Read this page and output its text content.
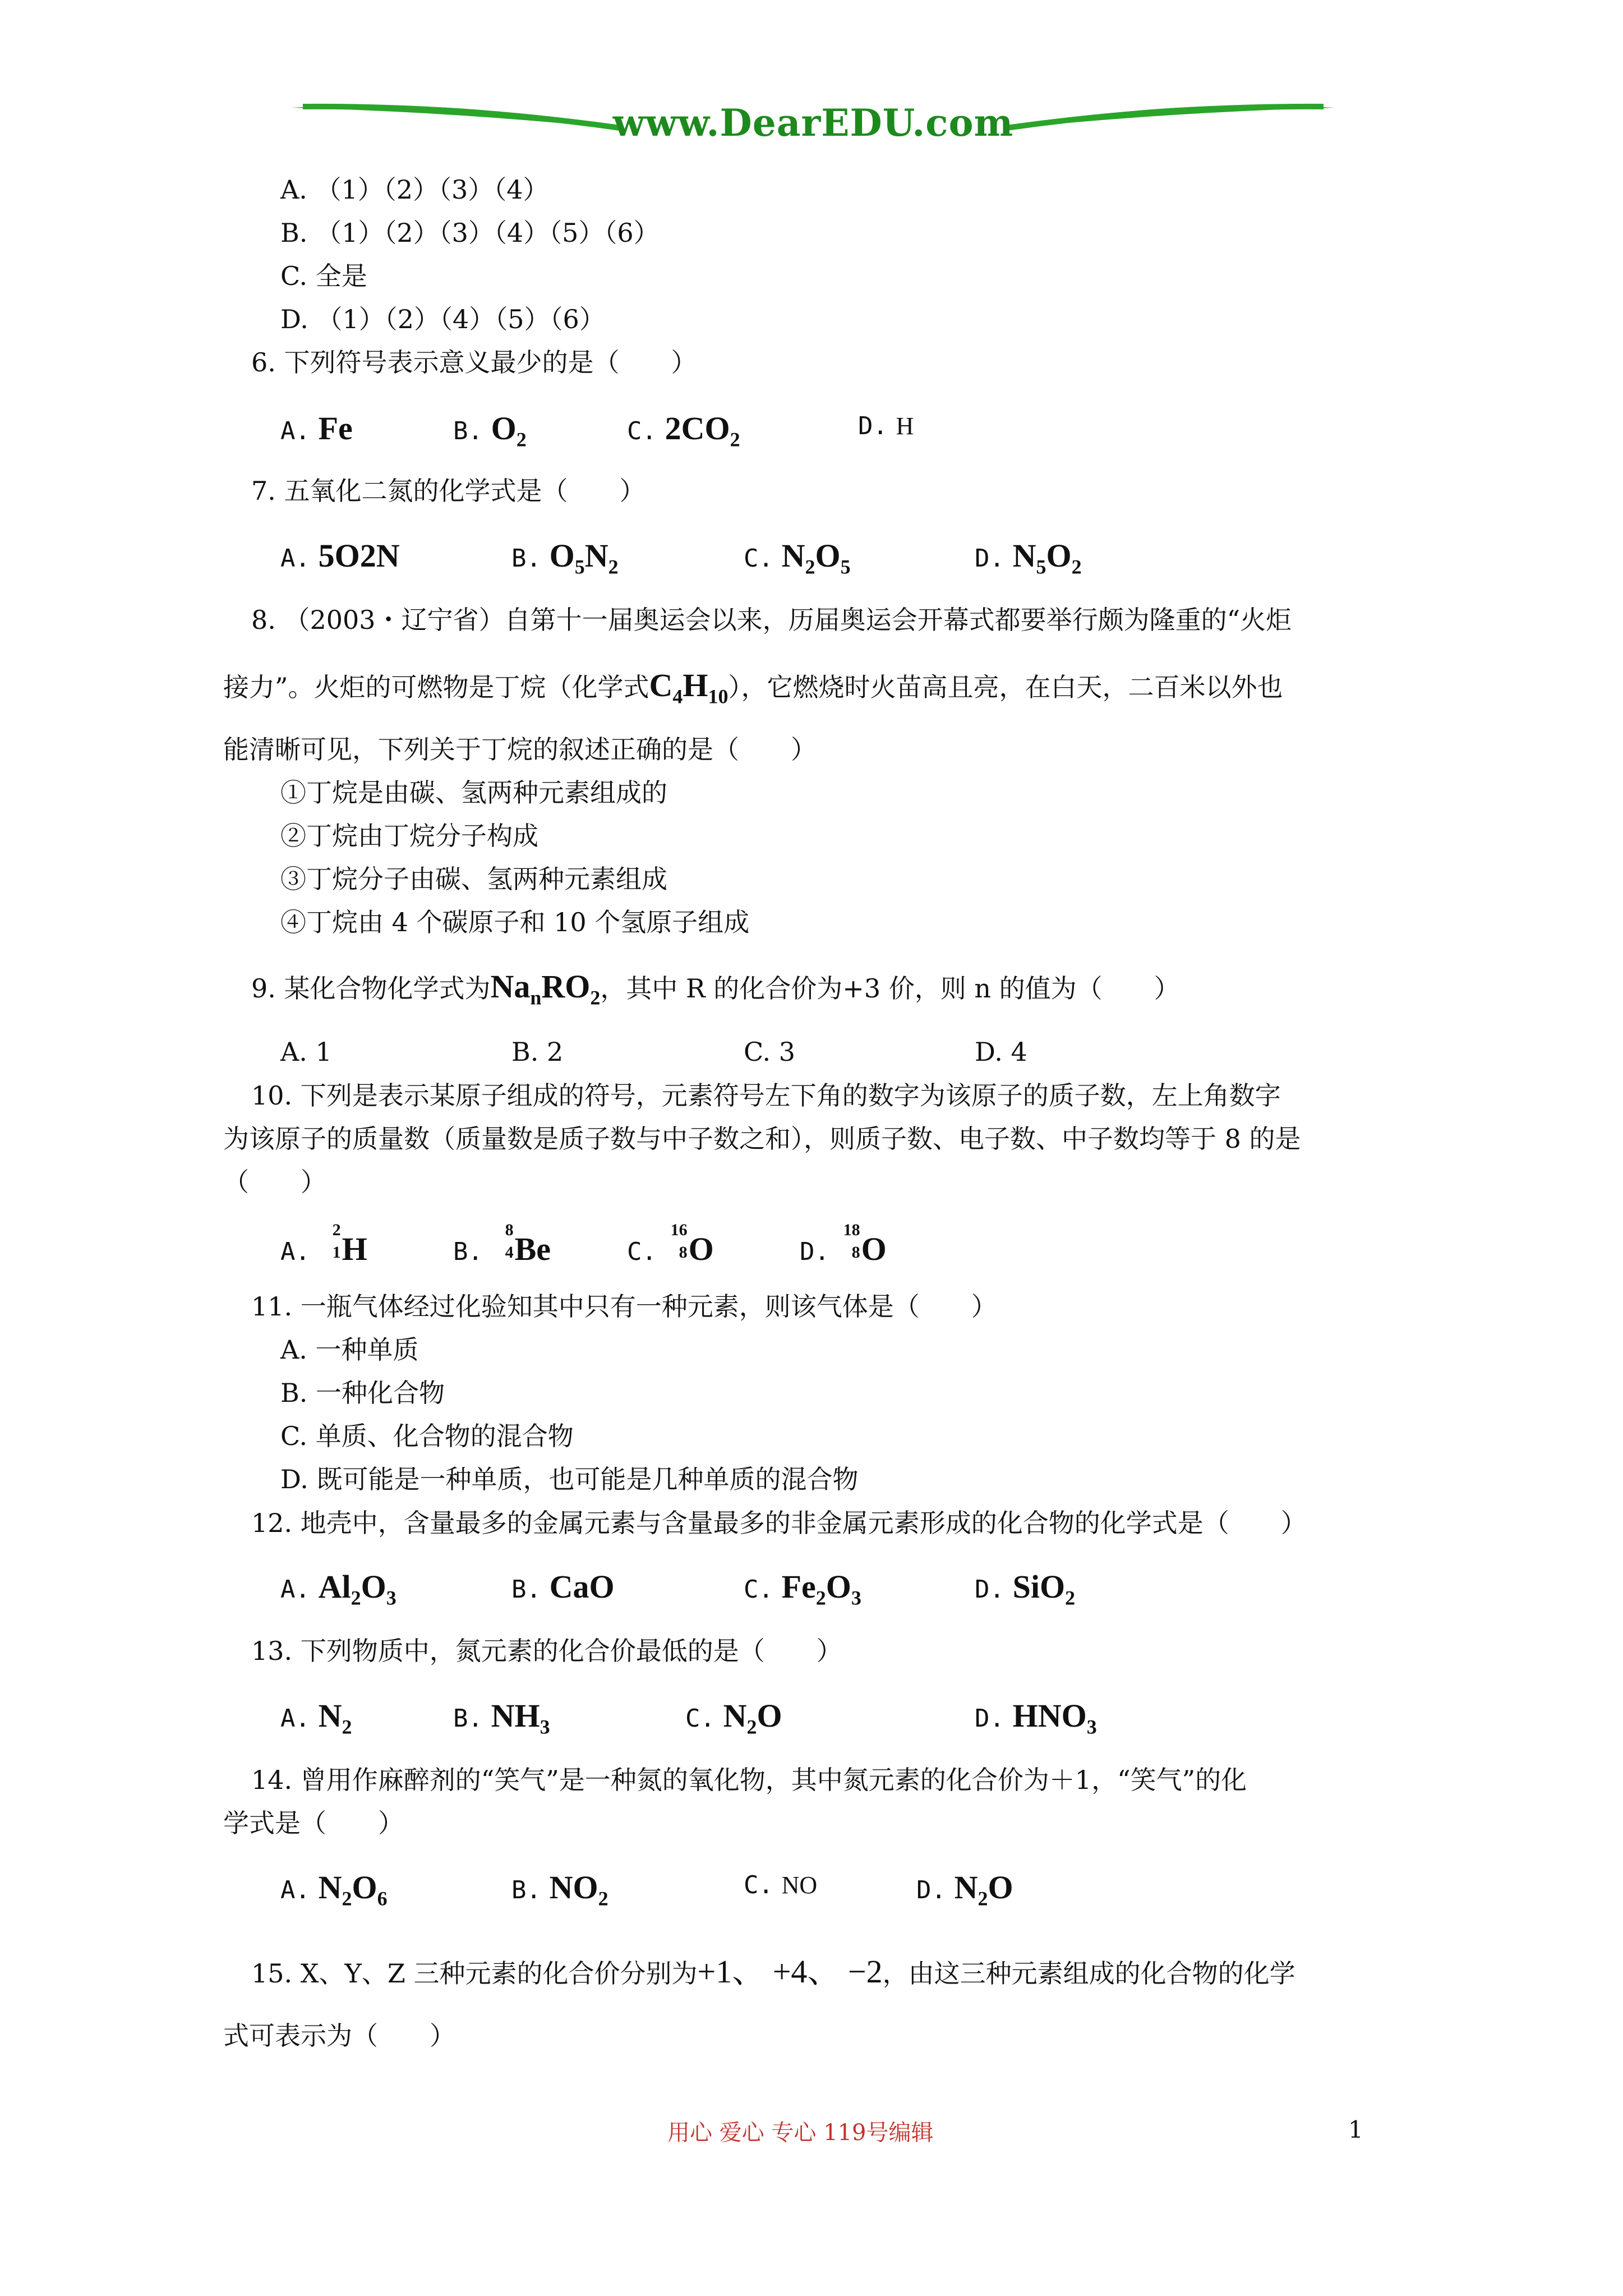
www.DearEDU.com
A. （1）（2）（3）（4）
B. （1）（2）（3）（4）（5）（6）
C. 全是
D. （1）（2）（4）（5）（6）
6. 下列符号表示意义最少的是（　　）
A. Fe	B. $O_2$	C. $2CO_2$	D. H
7. 五氧化二氮的化学式是（　　）
A. 5O2N	B. $O_5N_2$	C. $N_2O_5$	D. $N_5O_2$
8. （2003・辽宁省）自第十一届奥运会以来，历届奥运会开幕式都要举行颇为隆重的“火炬
接力”。火炬的可燃物是丁烷（化学式$C_4H_{10}$），它燃烧时火苗高且亮，在白天，二百米以外也
能清晰可见，下列关于丁烷的叙述正确的是（　　）
①丁烷是由碳、氢两种元素组成的
②丁烷由丁烷分子构成
③丁烷分子由碳、氢两种元素组成
④丁烷由 4 个碳原子和 10 个氢原子组成
9. 某化合物化学式为$Na_nRO_2$，其中 R 的化合价为+3 价，则 n 的值为（　　）
A. 1	B. 2	C. 3	D. 4
10. 下列是表示某原子组成的符号，元素符号左下角的数字为该原子的质子数，左上角数字
为该原子的质量数（质量数是质子数与中子数之和），则质子数、电子数、中子数均等于 8 的是
（　　）
A.
2
1 H	B.
8
4 Be	C.
16
8 O	D.
18
8 O
11. 一瓶气体经过化验知其中只有一种元素，则该气体是（　　）
A. 一种单质
B. 一种化合物
C. 单质、化合物的混合物
D. 既可能是一种单质，也可能是几种单质的混合物
12. 地壳中，含量最多的金属元素与含量最多的非金属元素形成的化合物的化学式是（　　）
A. $Al_2O_3$	B. CaO	C. $Fe_2O_3$	D. SiO$_2$
13. 下列物质中，氮元素的化合价最低的是（　　）
A. $N_2$	B. $NH_3$	C. $N_2O$	D. $HNO_3$
14. 曾用作麻醉剂的“笑气”是一种氮的氧化物，其中氮元素的化合价为＋1，“笑气”的化
学式是（　　）
A. $N_2O_6$	B. $NO_2$	C. NO	D. $N_2O$
15. X、Y、Z 三种元素的化合价分别为+1、 +4、 −2，由这三种元素组成的化合物的化学
式可表示为（　　）
用心 爱心 专心 119号编辑	1
